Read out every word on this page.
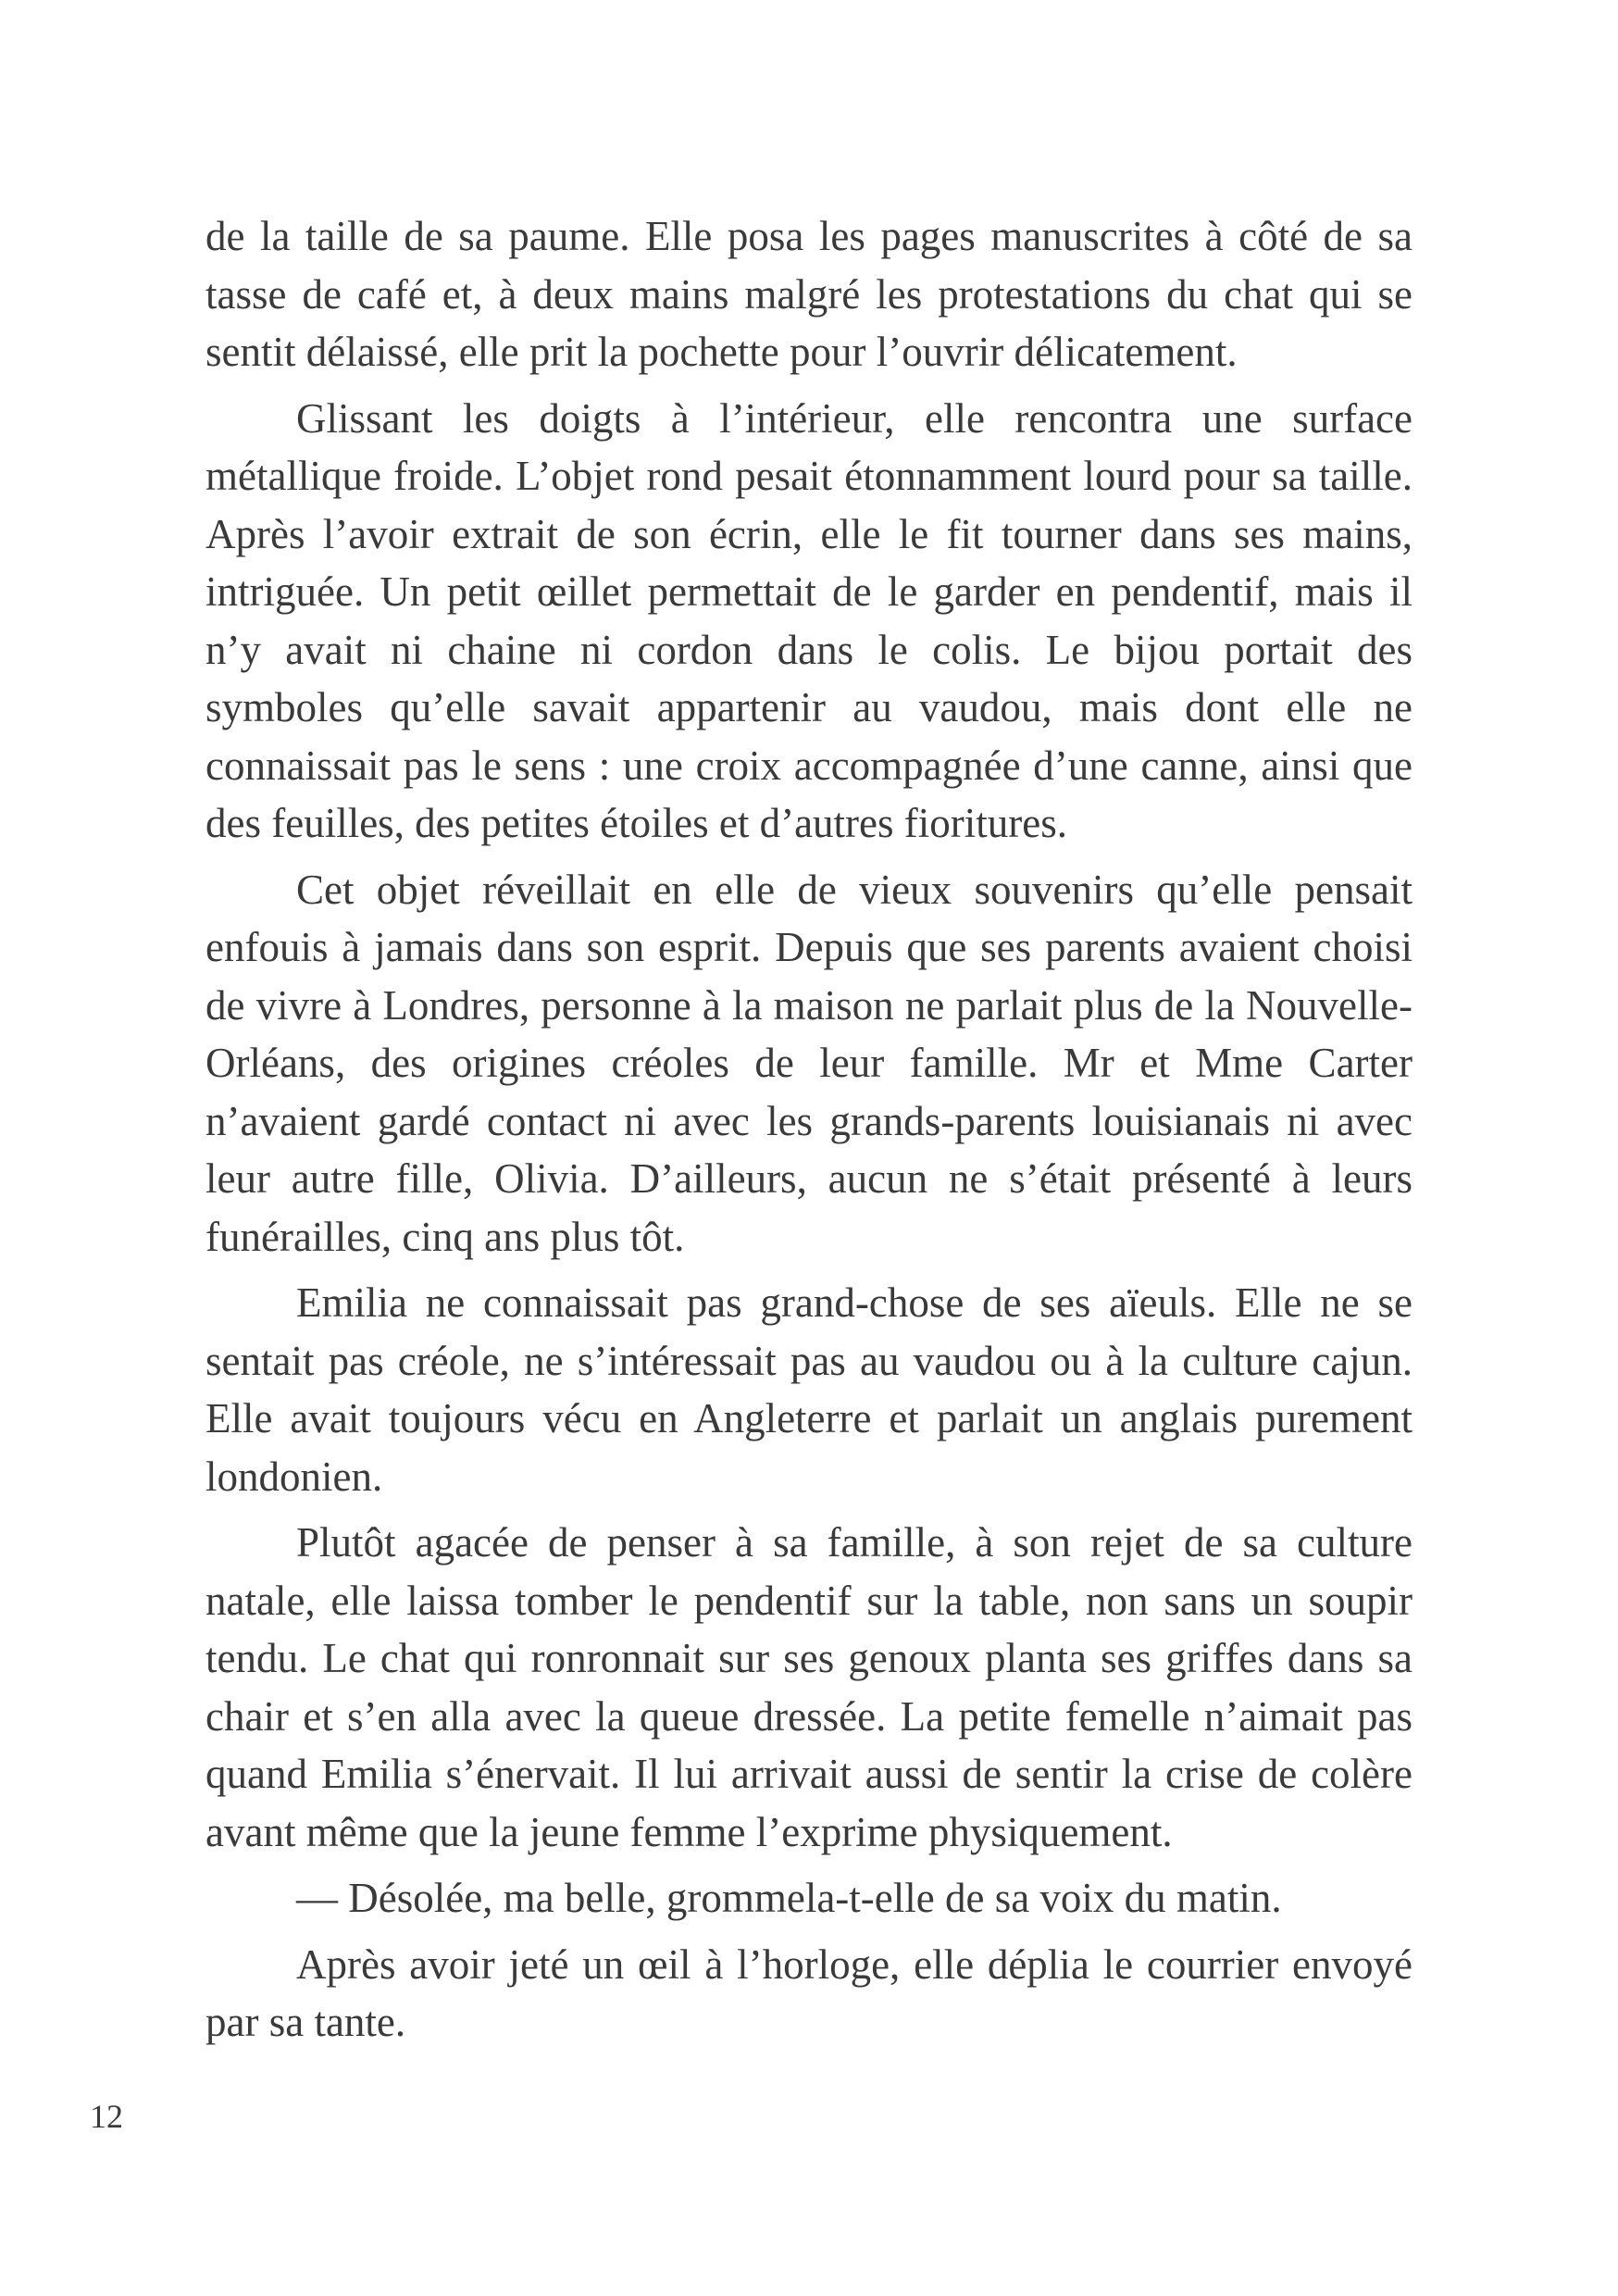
de la taille de sa paume. Elle posa les pages manuscrites à côté de sa tasse de café et, à deux mains malgré les protestations du chat qui se sentit délaissé, elle prit la pochette pour l’ouvrir délicatement.

Glissant les doigts à l’intérieur, elle rencontra une surface métallique froide. L’objet rond pesait étonnamment lourd pour sa taille. Après l’avoir extrait de son écrin, elle le fit tourner dans ses mains, intriguée. Un petit œillet permettait de le garder en pendentif, mais il n’y avait ni chaine ni cordon dans le colis. Le bijou portait des symboles qu’elle savait appartenir au vaudou, mais dont elle ne connaissait pas le sens : une croix accompagnée d’une canne, ainsi que des feuilles, des petites étoiles et d’autres fioritures.

Cet objet réveillait en elle de vieux souvenirs qu’elle pensait enfouis à jamais dans son esprit. Depuis que ses parents avaient choisi de vivre à Londres, personne à la maison ne parlait plus de la Nouvelle-Orléans, des origines créoles de leur famille. Mr et Mme Carter n’avaient gardé contact ni avec les grands-parents louisianais ni avec leur autre fille, Olivia. D’ailleurs, aucun ne s’était présenté à leurs funérailles, cinq ans plus tôt.

Emilia ne connaissait pas grand-chose de ses aïeuls. Elle ne se sentait pas créole, ne s’intéressait pas au vaudou ou à la culture cajun. Elle avait toujours vécu en Angleterre et parlait un anglais purement londonien.

Plutôt agacée de penser à sa famille, à son rejet de sa culture natale, elle laissa tomber le pendentif sur la table, non sans un soupir tendu. Le chat qui ronronnait sur ses genoux planta ses griffes dans sa chair et s’en alla avec la queue dressée. La petite femelle n’aimait pas quand Emilia s’énervait. Il lui arrivait aussi de sentir la crise de colère avant même que la jeune femme l’exprime physiquement.

— Désolée, ma belle, grommela-t-elle de sa voix du matin.

Après avoir jeté un œil à l’horloge, elle déplia le courrier envoyé par sa tante.

12
